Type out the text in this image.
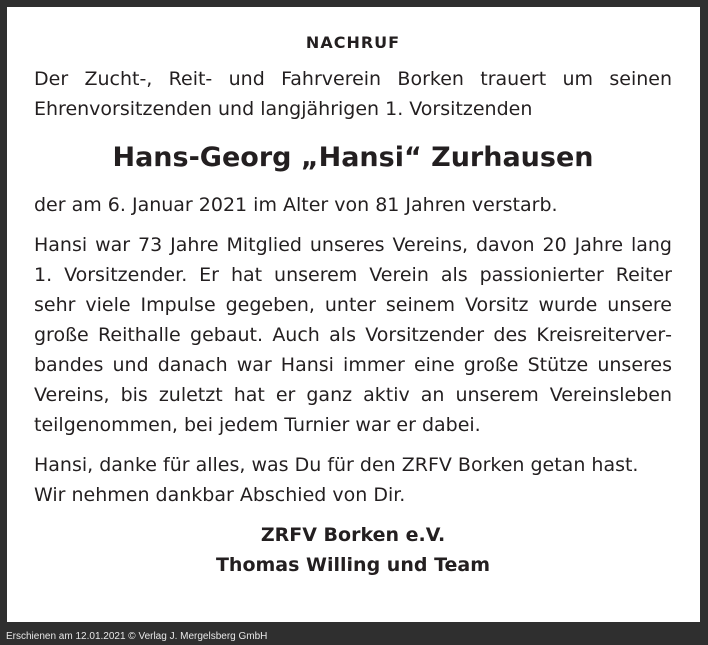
NACHRUF

Der Zucht-, Reit- und Fahrverein Borken trauert um seinen Ehrenvorsitzenden und langjährigen 1. Vorsitzenden

Hans-Georg „Hansi“ Zurhausen

der am 6. Januar 2021 im Alter von 81 Jahren verstarb.

Hansi war 73 Jahre Mitglied unseres Vereins, davon 20 Jahre lang 1. Vorsitzender. Er hat unserem Verein als passionierter Reiter sehr viele Impulse gegeben, unter seinem Vorsitz wurde unsere große Reithalle gebaut. Auch als Vorsitzender des Kreisreiterverbandes und danach war Hansi immer eine große Stütze unseres Vereins, bis zuletzt hat er ganz aktiv an unserem Vereinsleben teilgenommen, bei jedem Turnier war er dabei.

Hansi, danke für alles, was Du für den ZRFV Borken getan hast. Wir nehmen dankbar Abschied von Dir.

ZRFV Borken e.V.
Thomas Willing und Team
Erschienen am 12.01.2021 © Verlag J. Mergelsberg GmbH
